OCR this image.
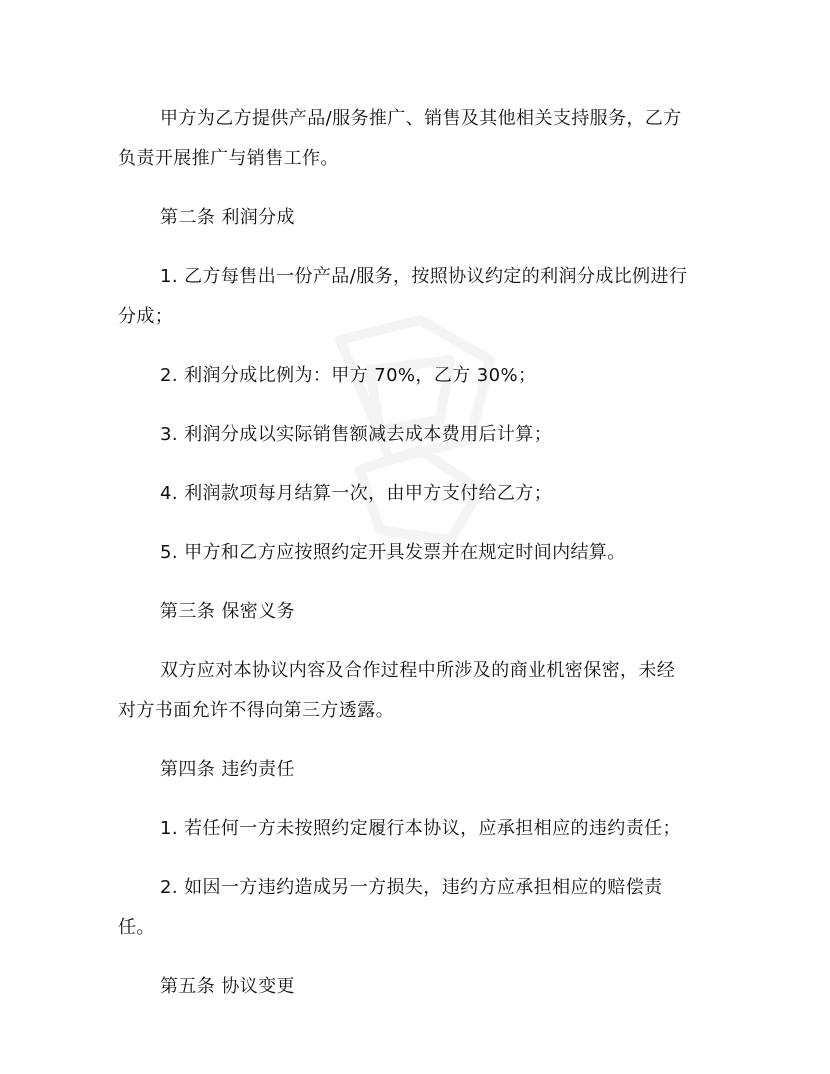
甲方为乙方提供产品/服务推广、销售及其他相关支持服务，乙方
负责开展推广与销售工作。

第二条 利润分成

1. 乙方每售出一份产品/服务，按照协议约定的利润分成比例进行
分成；

2. 利润分成比例为：甲方 70%，乙方 30%；

3. 利润分成以实际销售额减去成本费用后计算；

4. 利润款项每月结算一次，由甲方支付给乙方；

5. 甲方和乙方应按照约定开具发票并在规定时间内结算。

第三条 保密义务

双方应对本协议内容及合作过程中所涉及的商业机密保密，未经
对方书面允许不得向第三方透露。

第四条 违约责任

1. 若任何一方未按照约定履行本协议，应承担相应的违约责任；

2. 如因一方违约造成另一方损失，违约方应承担相应的赔偿责
任。

第五条 协议变更
